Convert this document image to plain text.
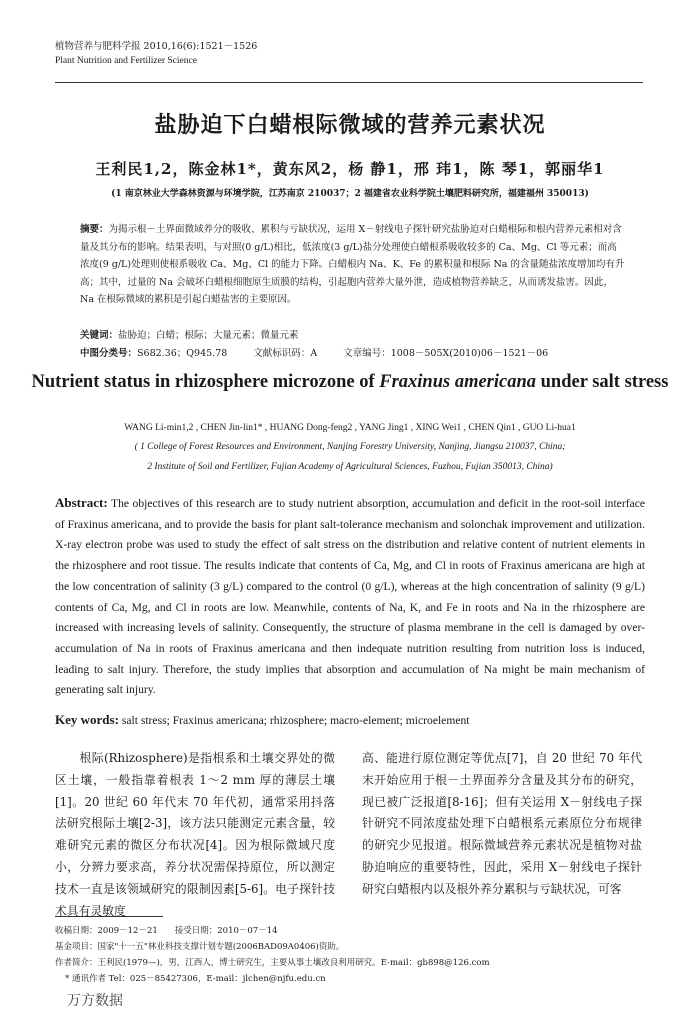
植物营养与肥料学报 2010,16(6):1521－1526
Plant Nutrition and Fertilizer Science
盐胁迫下白蜡根际微域的营养元素状况
王利民1,2，陈金林1*，黄东风2，杨 静1，邢 玮1，陈 琴1，郭丽华1
(1 南京林业大学森林资源与环境学院，江苏南京 210037；2 福建省农业科学院土壤肥料研究所，福建福州 350013)
摘要：为揭示根－土界面微域养分的吸收、累积与亏缺状况，运用 X－射线电子探针研究盐胁迫对白蜡根际和根内营养元素相对含量及其分布的影响。结果表明，与对照(0 g/L)相比，低浓度(3 g/L)盐分处理使白蜡根系吸收较多的 Ca、Mg、Cl 等元素；而高浓度(9 g/L)处理则使根系吸收 Ca、Mg、Cl 的能力下降。白蜡根内 Na、K、Fe 的累积量和根际 Na 的含量随盐浓度增加均有升高；其中，过量的 Na 会破坏白蜡根细胞原生质膜的结构，引起胞内营养大量外泄，造成植物营养缺乏，从而诱发盐害。因此，Na 在根际微域的累积是引起白蜡盐害的主要原因。
关键词：盐胁迫；白蜡；根际；大量元素；微量元素
中图分类号：S682.36；Q945.78	文献标识码：A	文章编号：1008－505X(2010)06－1521－06
Nutrient status in rhizosphere microzone of Fraxinus americana under salt stress
WANG Li-min1,2 , CHEN Jin-lin1* , HUANG Dong-feng2 , YANG Jing1 , XING Wei1 , CHEN Qin1 , GUO Li-hua1
( 1 College of Forest Resources and Environment, Nanjing Forestry University, Nanjing, Jiangsu 210037, China;
2 Institute of Soil and Fertilizer, Fujian Academy of Agricultural Sciences, Fuzhou, Fujian 350013, China)
Abstract: The objectives of this research are to study nutrient absorption, accumulation and deficit in the root-soil interface of Fraxinus americana, and to provide the basis for plant salt-tolerance mechanism and solonchak improvement and utilization. X-ray electron probe was used to study the effect of salt stress on the distribution and relative content of nutrient elements in the rhizosphere and root tissue. The results indicate that contents of Ca, Mg, and Cl in roots of Fraxinus americana are high at the low concentration of salinity (3 g/L) compared to the control (0 g/L), whereas at the high concentration of salinity (9 g/L) contents of Ca, Mg, and Cl in roots are low. Meanwhile, contents of Na, K, and Fe in roots and Na in the rhizosphere are increased with increasing levels of salinity. Consequently, the structure of plasma membrane in the cell is damaged by over-accumulation of Na in roots of Fraxinus americana and then indequate nutrition resulting from nutrition loss is induced, leading to salt injury. Therefore, the study implies that absorption and accumulation of Na might be main mechanism of generating salt injury.
Key words: salt stress; Fraxinus americana; rhizosphere; macro-element; microelement
根际(Rhizosphere)是指根系和土壤交界处的微区土壤，一般指靠着根表 1～2 mm 厚的薄层土壤[1]。20 世纪 60 年代末 70 年代初，通常采用抖落法研究根际土壤[2-3]，该方法只能测定元素含量，较难研究元素的微区分布状况[4]。因为根际微域尺度小，分辨力要求高，养分状况需保持原位，所以测定技术一直是该领域研究的限制因素[5-6]。电子探针技术具有灵敏度
高、能进行原位测定等优点[7]，自 20 世纪 70 年代末开始应用于根－土界面养分含量及其分布的研究，现已被广泛报道[8-16]；但有关运用 X－射线电子探针研究不同浓度盐处理下白蜡根系元素原位分布规律的研究少见报道。根际微域营养元素状况是植物对盐胁迫响应的重要特性，因此，采用 X－射线电子探针研究白蜡根内以及根外养分累积与亏缺状况，可客
收稿日期：2009－12－21　　接受日期：2010－07－14
基金项目：国家"十一五"林业科技支撑计划专题(2006BAD09A0406)资助。
作者简介：王利民(1979—)，男，江西人，博士研究生，主要从事土壤改良利用研究。E-mail：gb898@126.com
* 通讯作者 Tel：025－85427306，E-mail：jlchen@njfu.edu.cn
万方数据
